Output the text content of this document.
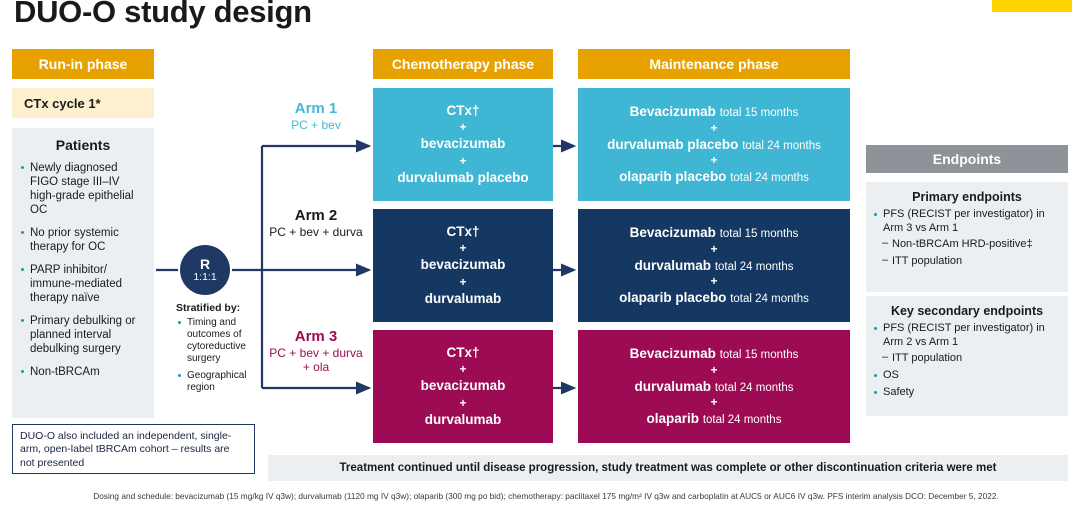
DUO-O study design
Run-in phase	Chemotherapy phase	Maintenance phase
CTx cycle 1*
Patients
Newly diagnosed FIGO stage III–IV high-grade epithelial OC
No prior systemic therapy for OC
PARP inhibitor/ immune-mediated therapy naïve
Primary debulking or planned interval debulking surgery
Non-tBRCAm
DUO-O also included an independent, single-arm, open-label tBRCAm cohort – results are not presented
R
1:1:1
Stratified by:
Timing and outcomes of cytoreductive surgery
Geographical region
Arm 1
PC + bev
Arm 2
PC + bev + durva
Arm 3
PC + bev + durva + ola
CTx†
+
bevacizumab
+
durvalumab placebo
CTx†
+
bevacizumab
+
durvalumab
CTx†
+
bevacizumab
+
durvalumab
Bevacizumab total 15 months
+
durvalumab placebo total 24 months
+
olaparib placebo total 24 months
Bevacizumab total 15 months
+
durvalumab total 24 months
+
olaparib placebo total 24 months
Bevacizumab total 15 months
+
durvalumab total 24 months
+
olaparib total 24 months
Endpoints
Primary endpoints
PFS (RECIST per investigator) in Arm 3 vs Arm 1
– Non-tBRCAm HRD-positive‡
– ITT population
Key secondary endpoints
PFS (RECIST per investigator) in Arm 2 vs Arm 1
– ITT population
OS
Safety
Treatment continued until disease progression, study treatment was complete or other discontinuation criteria were met
Dosing and schedule: bevacizumab (15 mg/kg IV q3w); durvalumab (1120 mg IV q3w); olaparib (300 mg po bid); chemotherapy: paclitaxel 175 mg/m² IV q3w and carboplatin at AUC5 or AUC6 IV q3w. PFS interim analysis DCO: December 5, 2022.
